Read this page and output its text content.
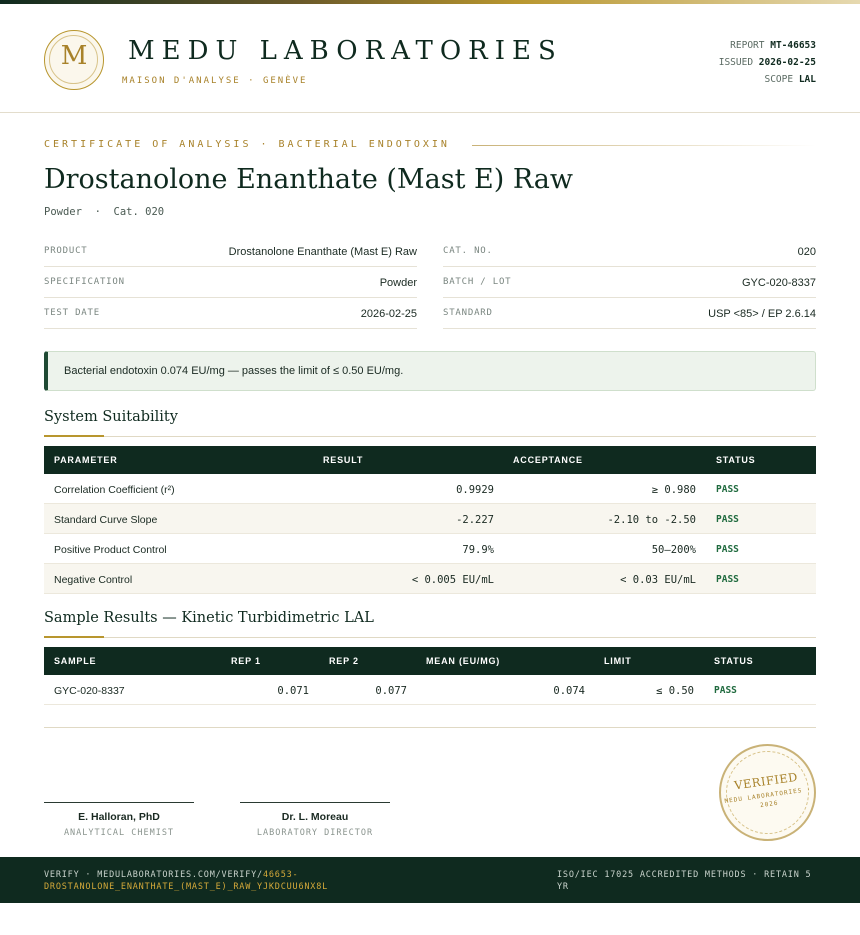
M	MEDU LABORATORIES
MAISON D'ANALYSE · GENÈVE
REPORT MT-46653
ISSUED 2026-02-25
SCOPE LAL
CERTIFICATE OF ANALYSIS · BACTERIAL ENDOTOXIN
Drostanolone Enanthate (Mast E) Raw
Powder  ·  Cat. 020
PRODUCT	Drostanolone Enanthate (Mast E) Raw
SPECIFICATION	Powder
TEST DATE	2026-02-25
CAT. NO.	020
BATCH / LOT	GYC-020-8337
STANDARD	USP <85> / EP 2.6.14
Bacterial endotoxin 0.074 EU/mg — passes the limit of ≤ 0.50 EU/mg.
System Suitability
PARAMETER	RESULT	ACCEPTANCE	STATUS
Correlation Coefficient (r²)	0.9929	≥ 0.980 PASS
Standard Curve Slope	-2.227	-2.10 to -2.50 PASS
Positive Product Control	79.9%	50–200% PASS
Negative Control	< 0.005 EU/mL	< 0.03 EU/mL PASS
Sample Results — Kinetic Turbidimetric LAL
SAMPLE	REP 1	REP 2	MEAN (EU/MG)	LIMIT	STATUS
GYC-020-8337	0.071	0.077	0.074	≤ 0.50 PASS
E. Halloran, PhD
ANALYTICAL CHEMIST
Dr. L. Moreau
LABORATORY DIRECTOR
VERIFIED
MEDU LABORATORIES · 2026
VERIFY · MEDULABORATORIES.COM/VERIFY/46653-DROSTANOLONE_ENANTHATE_(MAST_E)_RAW_YJKDCUU6NX8L
ISO/IEC 17025 ACCREDITED METHODS · RETAIN 5 YR
